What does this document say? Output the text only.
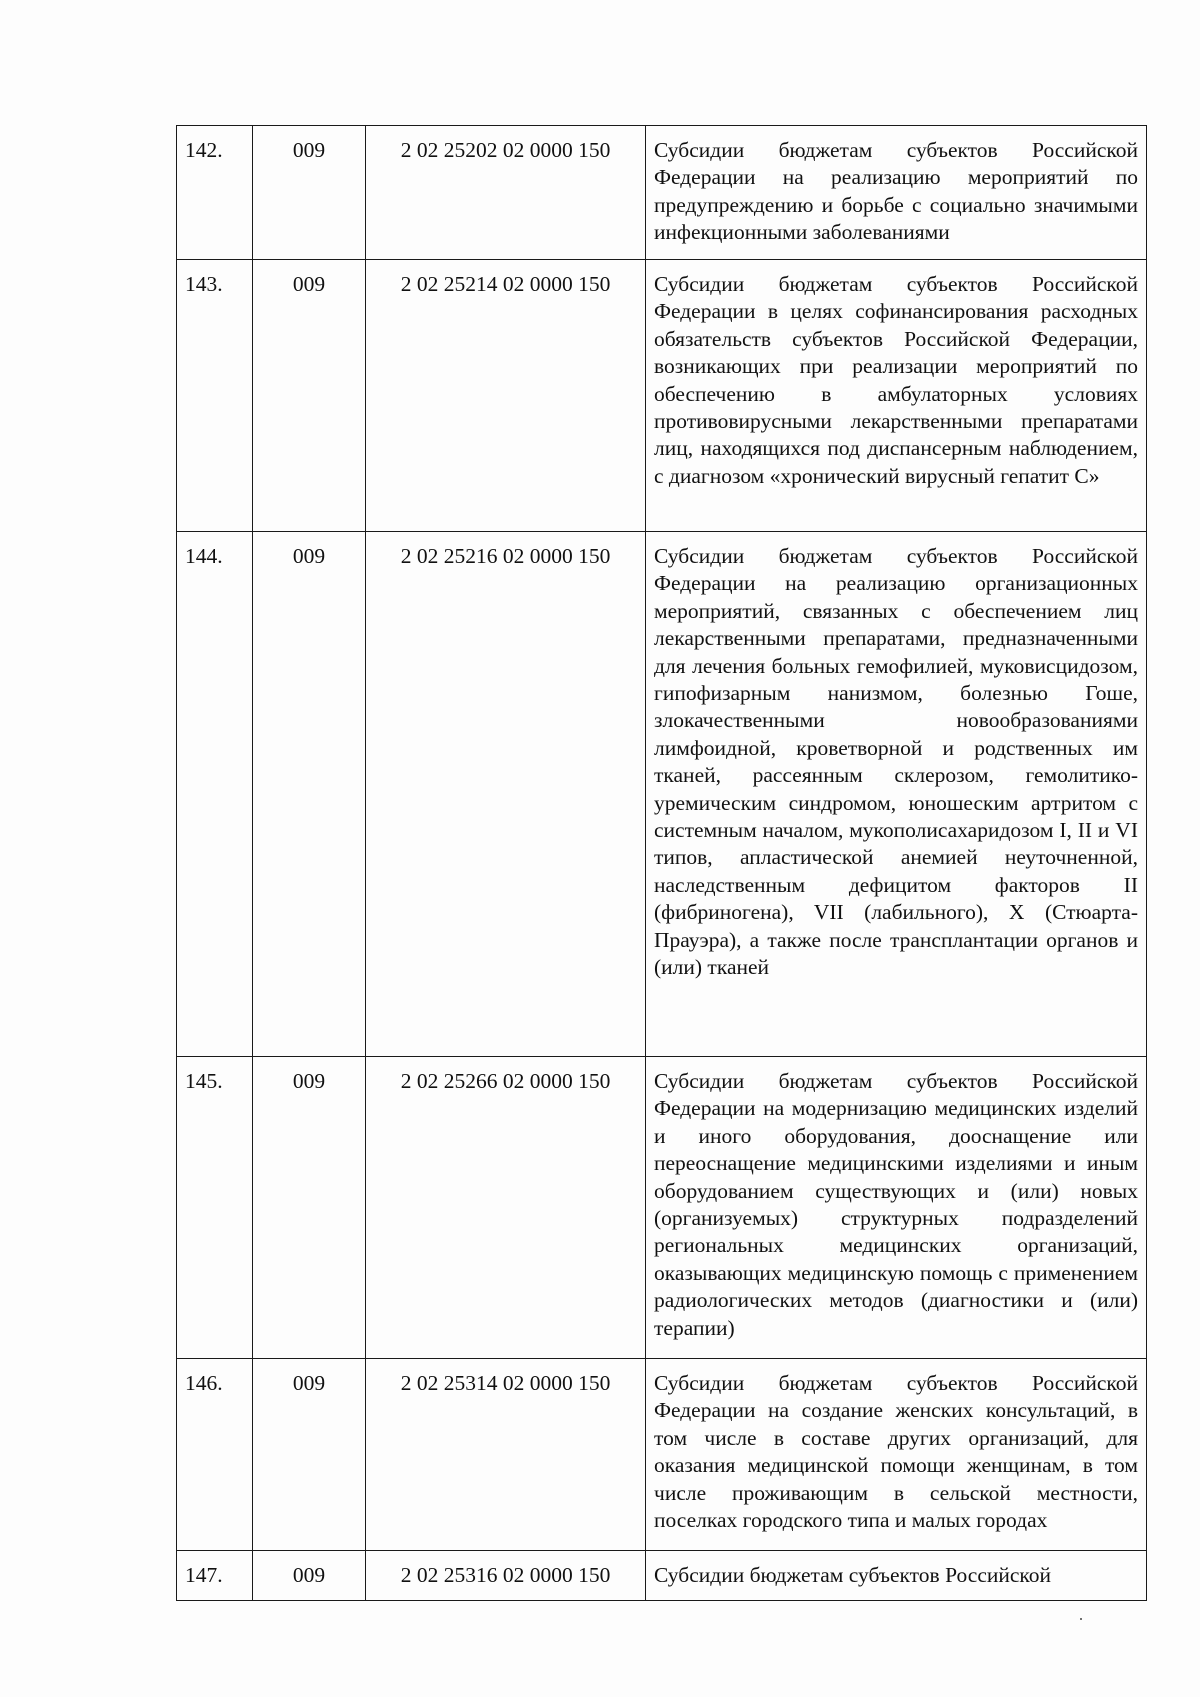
142.	009	2 02 25202 02 0000 150	Субсидии бюджетам субъектов Российской Федерации на реализацию мероприятий по предупреждению и борьбе с социально значимыми инфекционными заболеваниями

143.	009	2 02 25214 02 0000 150	Субсидии бюджетам субъектов Российской Федерации в целях софинансирования расходных обязательств субъектов Российской Федерации, возникающих при реализации мероприятий по обеспечению в амбулаторных условиях противовирусными лекарственными препаратами лиц, находящихся под диспансерным наблюдением, с диагнозом «хронический вирусный гепатит С»

144.	009	2 02 25216 02 0000 150	Субсидии бюджетам субъектов Российской Федерации на реализацию организационных мероприятий, связанных с обеспечением лиц лекарственными препаратами, предназначенными для лечения больных гемофилией, муковисцидозом, гипофизарным нанизмом, болезнью Гоше, злокачественными новообразованиями лимфоидной, кроветворной и родственных им тканей, рассеянным склерозом, гемолитико-уремическим синдромом, юношеским артритом с системным началом, мукополисахаридозом I, II и VI типов, апластической анемией неуточненной, наследственным дефицитом факторов II (фибриногена), VII (лабильного), X (Стюарта-Прауэра), а также после трансплантации органов и (или) тканей

145.	009	2 02 25266 02 0000 150	Субсидии бюджетам субъектов Российской Федерации на модернизацию медицинских изделий и иного оборудования, дооснащение или переоснащение медицинскими изделиями и иным оборудованием существующих и (или) новых (организуемых) структурных подразделений региональных медицинских организаций, оказывающих медицинскую помощь с применением радиологических методов (диагностики и (или) терапии)

146.	009	2 02 25314 02 0000 150	Субсидии бюджетам субъектов Российской Федерации на создание женских консультаций, в том числе в составе других организаций, для оказания медицинской помощи женщинам, в том числе проживающим в сельской местности, поселках городского типа и малых городах

147.	009	2 02 25316 02 0000 150	Субсидии бюджетам субъектов Российской
